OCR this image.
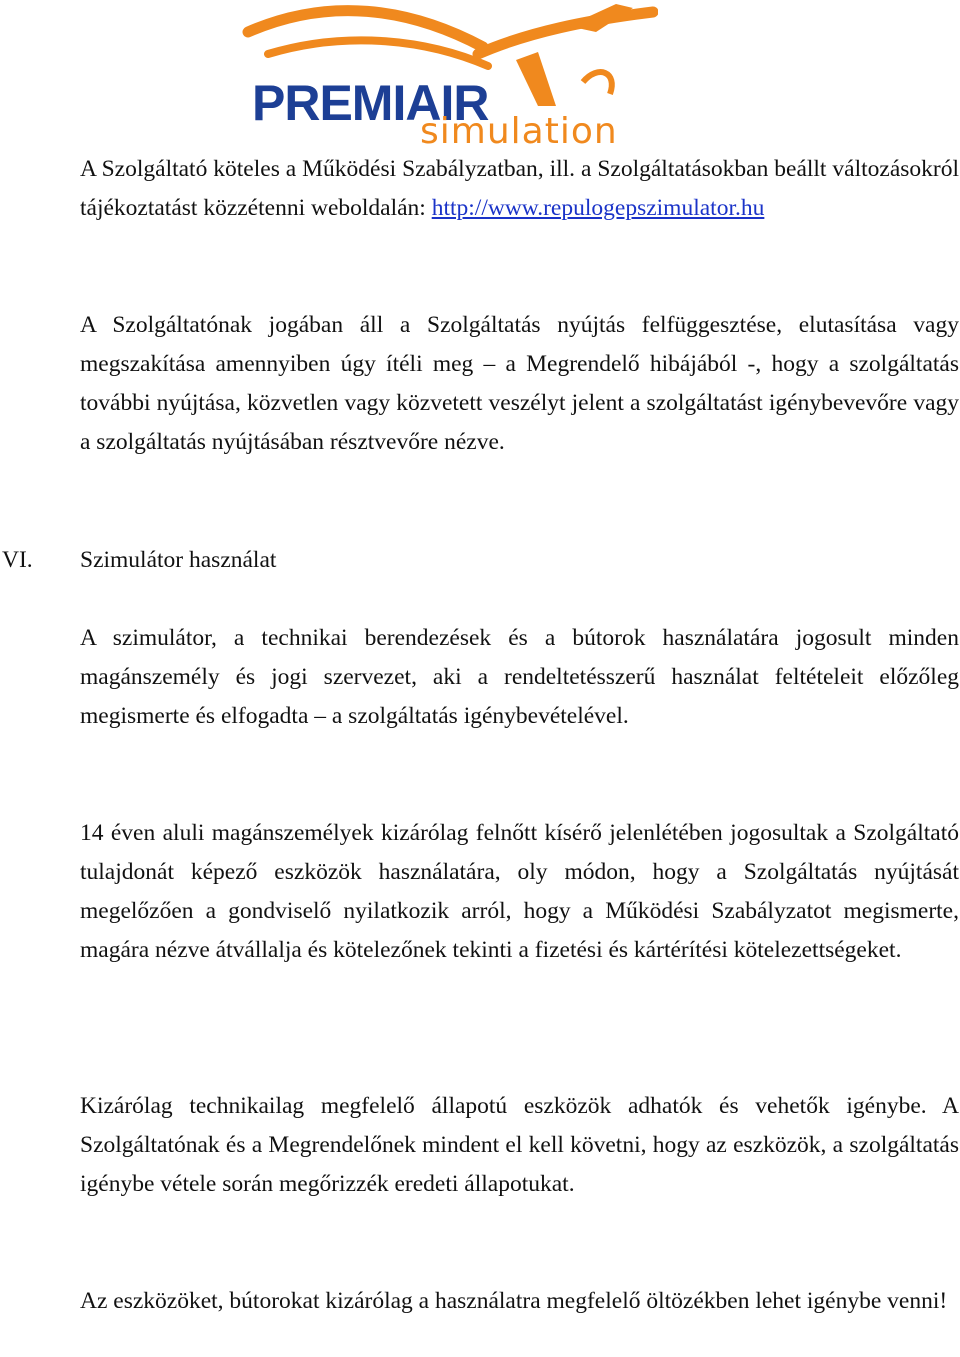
PREMIAIR
simulation

A Szolgáltató köteles a Működési Szabályzatban, ill. a Szolgáltatásokban beállt változásokról tájékoztatást közzétenni weboldalán: http://www.repulogepszimulator.hu

A Szolgáltatónak jogában áll a Szolgáltatás nyújtás felfüggesztése, elutasítása vagy megszakítása amennyiben úgy ítéli meg – a Megrendelő hibájából -, hogy a szolgáltatás további nyújtása, közvetlen vagy közvetett veszélyt jelent a szolgáltatást igénybevevőre vagy a szolgáltatás nyújtásában résztvevőre nézve.

VI. Szimulátor használat

A szimulátor, a technikai berendezések és a bútorok használatára jogosult minden magánszemély és jogi szervezet, aki a rendeltetésszerű használat feltételeit előzőleg megismerte és elfogadta – a szolgáltatás igénybevételével.

14 éven aluli magánszemélyek kizárólag felnőtt kísérő jelenlétében jogosultak a Szolgáltató tulajdonát képező eszközök használatára, oly módon, hogy a Szolgáltatás nyújtását megelőzően a gondviselő nyilatkozik arról, hogy a Működési Szabályzatot megismerte, magára nézve átvállalja és kötelezőnek tekinti a fizetési és kártérítési kötelezettségeket.

Kizárólag technikailag megfelelő állapotú eszközök adhatók és vehetők igénybe. A Szolgáltatónak és a Megrendelőnek mindent el kell követni, hogy az eszközök, a szolgáltatás igénybe vétele során megőrizzék eredeti állapotukat.

Az eszközöket, bútorokat kizárólag a használatra megfelelő öltözékben lehet igénybe venni!
